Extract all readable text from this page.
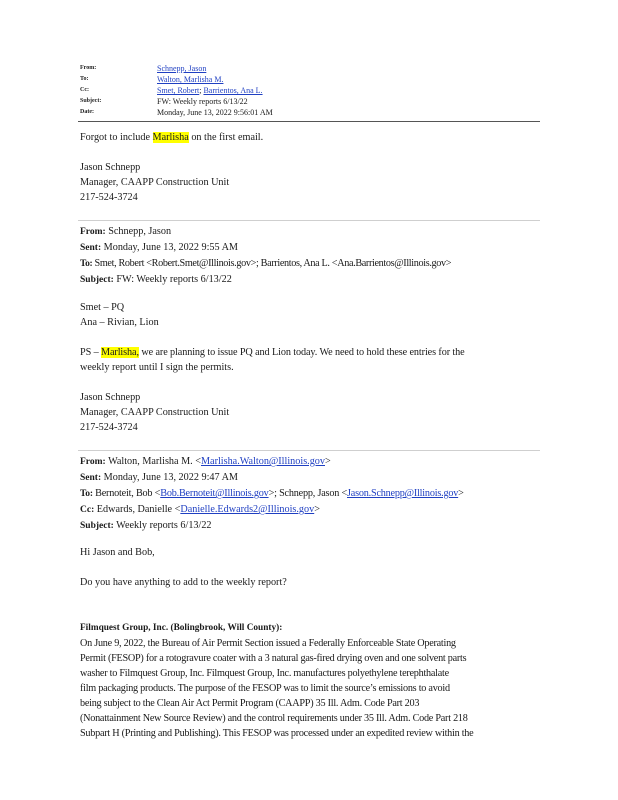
From:	Schnepp, Jason
To:	Walton, Marlisha M.
Cc:	Smet, Robert; Barrientos, Ana L.
Subject:	FW: Weekly reports 6/13/22
Date:	Monday, June 13, 2022 9:56:01 AM

Forgot to include Marlisha on the first email.

Jason Schnepp

Manager, CAAPP Construction Unit

217-524-3724

From: Schnepp, Jason

Sent: Monday, June 13, 2022 9:55 AM

To: Smet, Robert <Robert.Smet@Illinois.gov>; Barrientos, Ana L. <Ana.Barrientos@Illinois.gov>

Subject: FW: Weekly reports 6/13/22

Smet – PQ

Ana – Rivian, Lion

PS – Marlisha, we are planning to issue PQ and Lion today. We need to hold these entries for the

weekly report until I sign the permits.

Jason Schnepp

Manager, CAAPP Construction Unit

217-524-3724

From: Walton, Marlisha M. <Marlisha.Walton@Illinois.gov>

Sent: Monday, June 13, 2022 9:47 AM

To: Bernoteit, Bob <Bob.Bernoteit@Illinois.gov>; Schnepp, Jason <Jason.Schnepp@Illinois.gov>

Cc: Edwards, Danielle <Danielle.Edwards2@Illinois.gov>

Subject: Weekly reports 6/13/22

Hi Jason and Bob,

Do you have anything to add to the weekly report?

Filmquest Group, Inc. (Bolingbrook, Will County):

On June 9, 2022, the Bureau of Air Permit Section issued a Federally Enforceable State Operating

Permit (FESOP) for a rotogravure coater with a 3 natural gas-fired drying oven and one solvent parts

washer to Filmquest Group, Inc. Filmquest Group, Inc. manufactures polyethylene terephthalate

film packaging products. The purpose of the FESOP was to limit the source’s emissions to avoid

being subject to the Clean Air Act Permit Program (CAAPP) 35 Ill. Adm. Code Part 203

(Nonattainment New Source Review) and the control requirements under 35 Ill. Adm. Code Part 218

Subpart H (Printing and Publishing). This FESOP was processed under an expedited review within the
